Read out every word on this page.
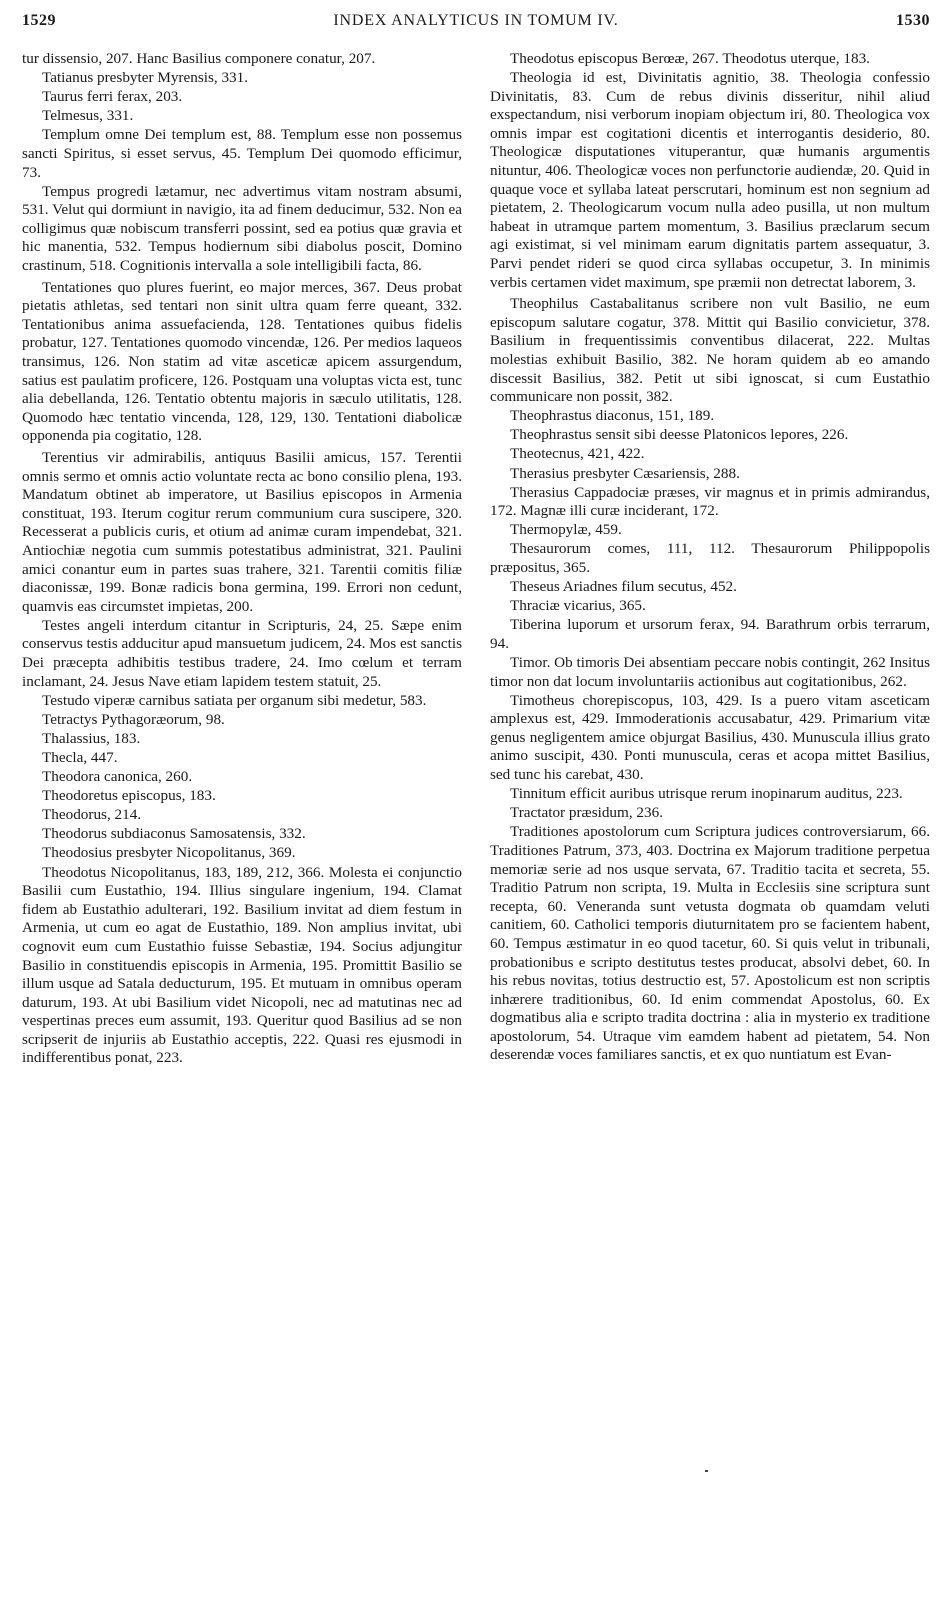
1529	INDEX ANALYTICUS IN TOMUM IV.	1530

tur dissensio, 207. Hanc Basilius componere conatur, 207.

Tatianus presbyter Myrensis, 331.

Taurus ferri ferax, 203.

Telmesus, 331.

Templum omne Dei templum est, 88. Templum esse non possemus sancti Spiritus, si esset servus, 45. Templum Dei quomodo efficimur, 73.

Tempus progredi lætamur, nec advertimus vitam nostram absumi, 531. Velut qui dormiunt in navigio, ita ad finem deducimur, 532. Non ea colligimus quæ nobiscum transferri possint, sed ea potius quæ gravia et hic manentia, 532. Tempus hodiernum sibi diabolus poscit, Domino crastinum, 518. Cognitionis intervalla a sole intelligibili facta, 86.

Tentationes quo plures fuerint, eo major merces, 367. Deus probat pietatis athletas, sed tentari non sinit ultra quam ferre queant, 332. Tentationibus anima assuefacienda, 128. Tentationes quibus fidelis probatur, 127. Tentationes quomodo vincendæ, 126. Per medios laqueos transimus, 126. Non statim ad vitæ asceticæ apicem assurgendum, satius est paulatim proficere, 126. Postquam una voluptas victa est, tunc alia debellanda, 126. Tentatio obtentu majoris in sæculo utilitatis, 128. Quomodo hæc tentatio vincenda, 128, 129, 130. Tentationi diabolicæ opponenda pia cogitatio, 128.

Terentius vir admirabilis, antiquus Basilii amicus, 157. Terentii omnis sermo et omnis actio voluntate recta ac bono consilio plena, 193. Mandatum obtinet ab imperatore, ut Basilius episcopos in Armenia constituat, 193. Iterum cogitur rerum communium cura suscipere, 320. Recesserat a publicis curis, et otium ad animæ curam impendebat, 321. Antiochiæ negotia cum summis potestatibus administrat, 321. Paulini amici conantur eum in partes suas trahere, 321. Tarentii comitis filiæ diaconissæ, 199. Bonæ radicis bona germina, 199. Errori non cedunt, quamvis eas circumstet impietas, 200.

Testes angeli interdum citantur in Scripturis, 24, 25. Sæpe enim conservus testis adducitur apud mansuetum judicem, 24. Mos est sanctis Dei præcepta adhibitis testibus tradere, 24. Imo cœlum et terram inclamant, 24. Jesus Nave etiam lapidem testem statuit, 25.

Testudo viperæ carnibus satiata per organum sibi medetur, 583.

Tetractys Pythagoræorum, 98.

Thalassius, 183.

Thecla, 447.

Theodora canonica, 260.

Theodoretus episcopus, 183.

Theodorus, 214.

Theodorus subdiaconus Samosatensis, 332.

Theodosius presbyter Nicopolitanus, 369.

Theodotus Nicopolitanus, 183, 189, 212, 366. Molesta ei conjunctio Basilii cum Eustathio, 194. Illius singulare ingenium, 194. Clamat fidem ab Eustathio adulterari, 192. Basilium invitat ad diem festum in Armenia, ut cum eo agat de Eustathio, 189. Non amplius invitat, ubi cognovit eum cum Eustathio fuisse Sebastiæ, 194. Socius adjungitur Basilio in constituendis episcopis in Armenia, 195. Promittit Basilio se illum usque ad Satala deducturum, 195. Et mutuam in omnibus operam daturum, 193. At ubi Basilium videt Nicopoli, nec ad matutinas nec ad vespertinas preces eum assumit, 193. Queritur quod Basilius ad se non scripserit de injuriis ab Eustathio acceptis, 222. Quasi res ejusmodi in indifferentibus ponat, 223.

Theodotus episcopus Berœæ, 267. Theodotus uterque, 183.

Theologia id est, Divinitatis agnitio, 38. Theologia confessio Divinitatis, 83. Cum de rebus divinis disseritur, nihil aliud exspectandum, nisi verborum inopiam objectum iri, 80. Theologica vox omnis impar est cogitationi dicentis et interrogantis desiderio, 80. Theologicæ disputationes vituperantur, quæ humanis argumentis nituntur, 406. Theologicæ voces non perfunctorie audiendæ, 20. Quid in quaque voce et syllaba lateat perscrutari, hominum est non segnium ad pietatem, 2. Theologicarum vocum nulla adeo pusilla, ut non multum habeat in utramque partem momentum, 3. Basilius præclarum secum agi existimat, si vel minimam earum dignitatis partem assequatur, 3. Parvi pendet rideri se quod circa syllabas occupetur, 3. In minimis verbis certamen videt maximum, spe præmii non detrectat laborem, 3.

Theophilus Castabalitanus scribere non vult Basilio, ne eum episcopum salutare cogatur, 378. Mittit qui Basilio convicietur, 378. Basilium in frequentissimis conventibus dilacerat, 222. Multas molestias exhibuit Basilio, 382. Ne horam quidem ab eo amando discessit Basilius, 382. Petit ut sibi ignoscat, si cum Eustathio communicare non possit, 382.

Theophrastus diaconus, 151, 189.

Theophrastus sensit sibi deesse Platonicos lepores, 226.

Theotecnus, 421, 422.

Therasius presbyter Cæsariensis, 288.

Therasius Cappadociæ præses, vir magnus et in primis admirandus, 172. Magnæ illi curæ inciderant, 172.

Thermopylæ, 459.

Thesaurorum comes, 111, 112. Thesaurorum Philippopolis præpositus, 365.

Theseus Ariadnes filum secutus, 452.

Thraciæ vicarius, 365.

Tiberina luporum et ursorum ferax, 94. Barathrum orbis terrarum, 94.

Timor. Ob timoris Dei absentiam peccare nobis contingit, 262 Insitus timor non dat locum involuntariis actionibus aut cogitationibus, 262.

Timotheus chorepiscopus, 103, 429. Is a puero vitam asceticam amplexus est, 429. Immoderationis accusabatur, 429. Primarium vitæ genus negligentem amice objurgat Basilius, 430. Munusculа illius grato animo suscipit, 430. Ponti munuscula, ceras et acopa mittet Basilius, sed tunc his carebat, 430.

Tinnitum efficit auribus utrisque rerum inopinarum auditus, 223.

Tractator præsidum, 236.

Traditiones apostolorum cum Scriptura judices controversiarum, 66. Traditiones Patrum, 373, 403. Doctrina ex Majorum traditione perpetua memoriæ serie ad nos usque servata, 67. Traditio tacita et secreta, 55. Traditio Patrum non scripta, 19. Multa in Ecclesiis sine scriptura sunt recepta, 60. Veneranda sunt vetusta dogmata ob quamdam veluti canitiem, 60. Catholici temporis diuturnitatem pro se facientem habent, 60. Tempus æstimatur in eo quod tacetur, 60. Si quis velut in tribunali, probationibus e scripto destitutus testes producat, absolvi debet, 60. In his rebus novitas, totius destructio est, 57. Apostolicum est non scriptis inhærere traditionibus, 60. Id enim commendat Apostolus, 60. Ex dogmatibus alia e scripto tradita doctrina : alia in mysterio ex traditione apostolorum, 54. Utraque vim eamdem habent ad pietatem, 54. Non deserendæ voces familiares sanctis, et ex quo nuntiatum est Evan-
